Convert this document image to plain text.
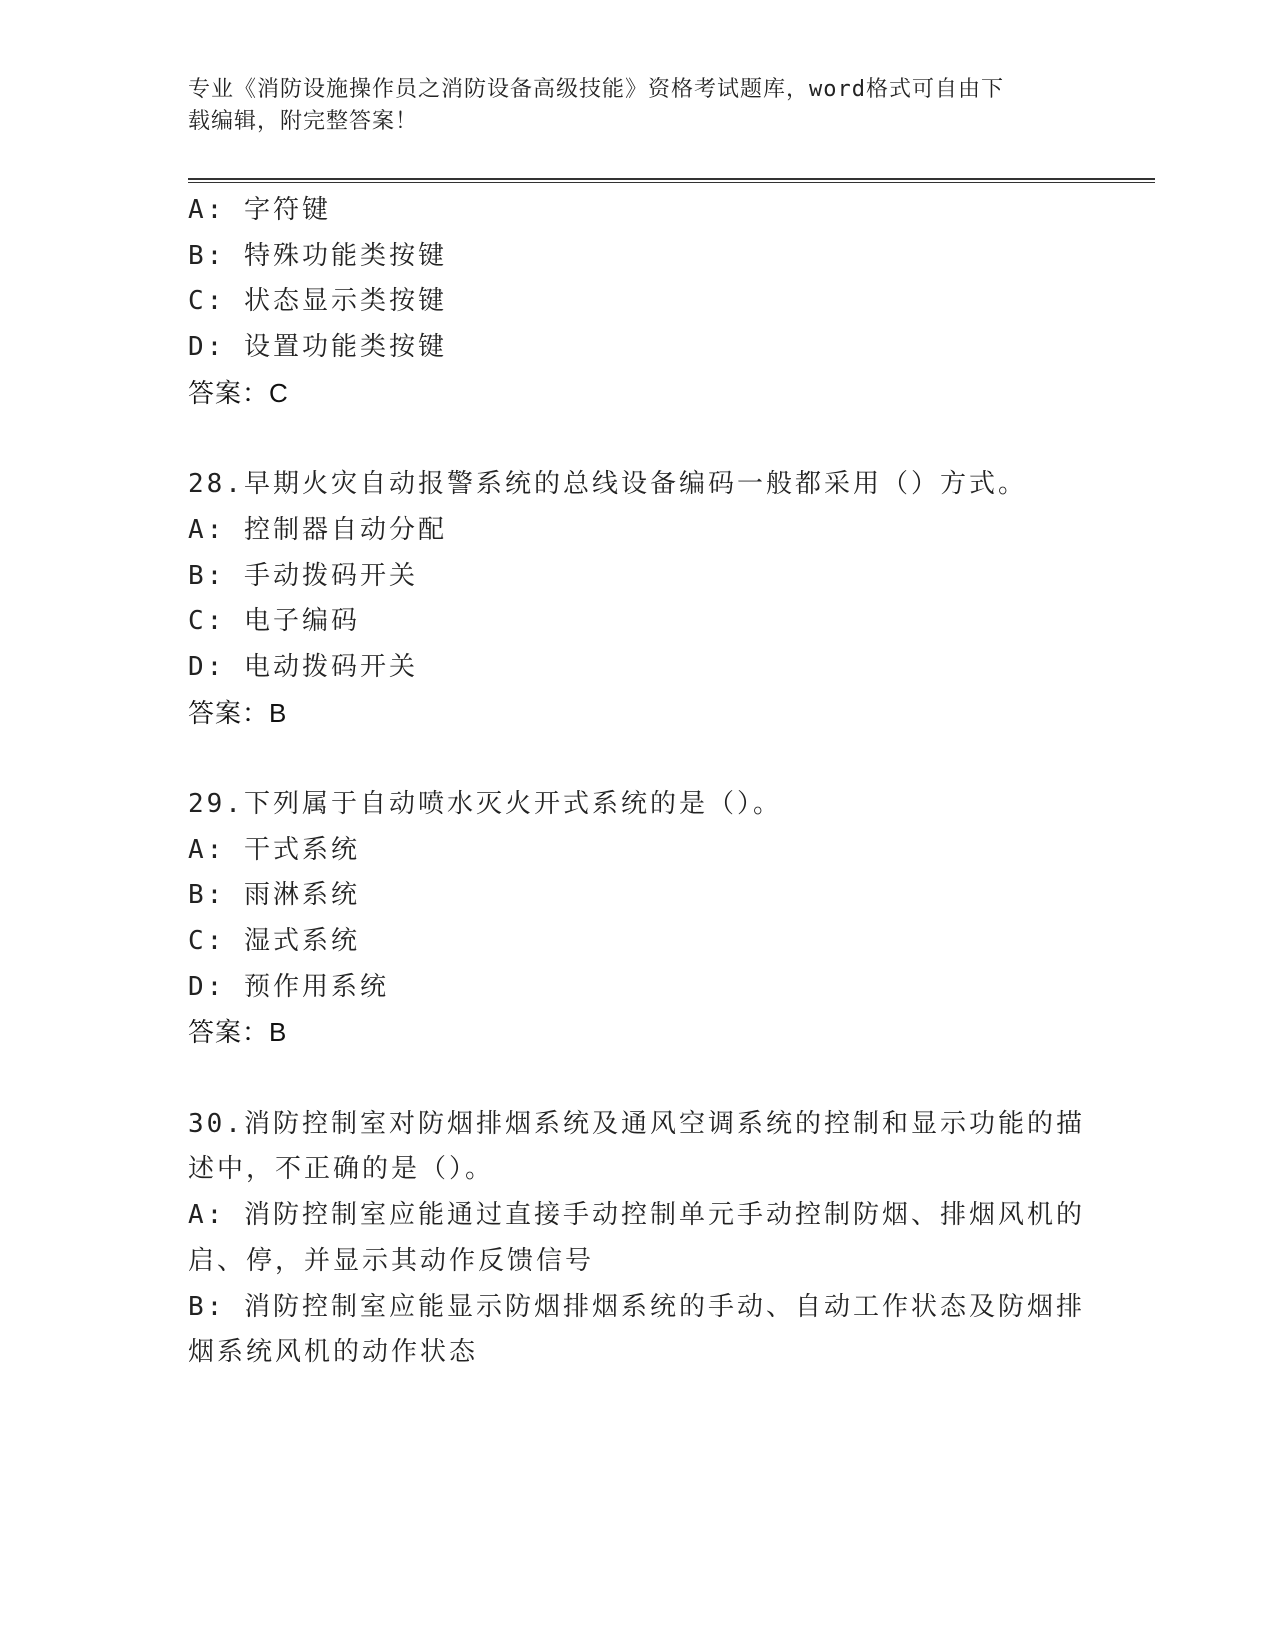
专业《消防设施操作员之消防设备高级技能》资格考试题库，word格式可自由下
载编辑，附完整答案！
A: 字符键
B: 特殊功能类按键
C: 状态显示类按键
D: 设置功能类按键
答案：C
28.早期火灾自动报警系统的总线设备编码一般都采用（）方式。
A: 控制器自动分配
B: 手动拨码开关
C: 电子编码
D: 电动拨码开关
答案：B
29.下列属于自动喷水灭火开式系统的是（）。
A: 干式系统
B: 雨淋系统
C: 湿式系统
D: 预作用系统
答案：B
30.消防控制室对防烟排烟系统及通风空调系统的控制和显示功能的描
述中，不正确的是（）。
A: 消防控制室应能通过直接手动控制单元手动控制防烟、排烟风机的
启、停，并显示其动作反馈信号
B: 消防控制室应能显示防烟排烟系统的手动、自动工作状态及防烟排
烟系统风机的动作状态
